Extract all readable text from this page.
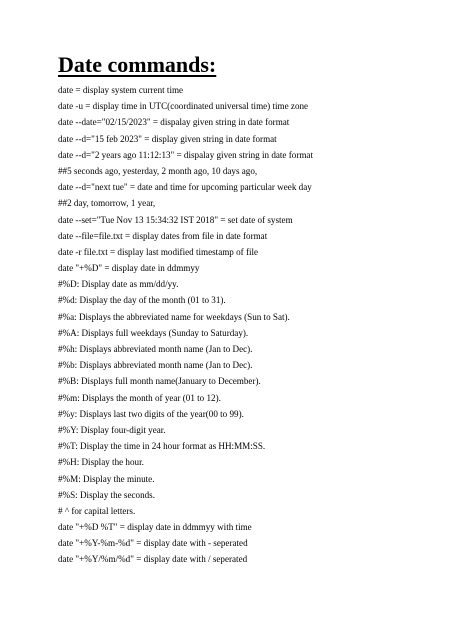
Date commands:
date = display system current time
date -u = display time in UTC(coordinated universal time) time zone
date --date="02/15/2023" = dispalay given string in date format
date --d="15 feb 2023" = display given string in date format
date --d="2 years ago 11:12:13" = dispalay given string in date format
##5 seconds ago, yesterday, 2 month ago, 10 days ago,
date --d="next tue" = date and time for upcoming particular week day
##2 day, tomorrow, 1 year,
date --set="Tue Nov 13 15:34:32 IST 2018" = set date of system
date --file=file.txt = display dates from file in date format
date -r file.txt = display last modified timestamp of file
date "+%D" = display date in ddmmyy
#%D: Display date as mm/dd/yy.
#%d: Display the day of the month (01 to 31).
#%a: Displays the abbreviated name for weekdays (Sun to Sat).
#%A: Displays full weekdays (Sunday to Saturday).
#%h: Displays abbreviated month name (Jan to Dec).
#%b: Displays abbreviated month name (Jan to Dec).
#%B: Displays full month name(January to December).
#%m: Displays the month of year (01 to 12).
#%y: Displays last two digits of the year(00 to 99).
#%Y: Display four-digit year.
#%T: Display the time in 24 hour format as HH:MM:SS.
#%H: Display the hour.
#%M: Display the minute.
#%S: Display the seconds.
# ^ for capital letters.
date "+%D %T" = display date in ddmmyy with time
date "+%Y-%m-%d" = display date with - seperated
date "+%Y/%m/%d" = display date with / seperated
